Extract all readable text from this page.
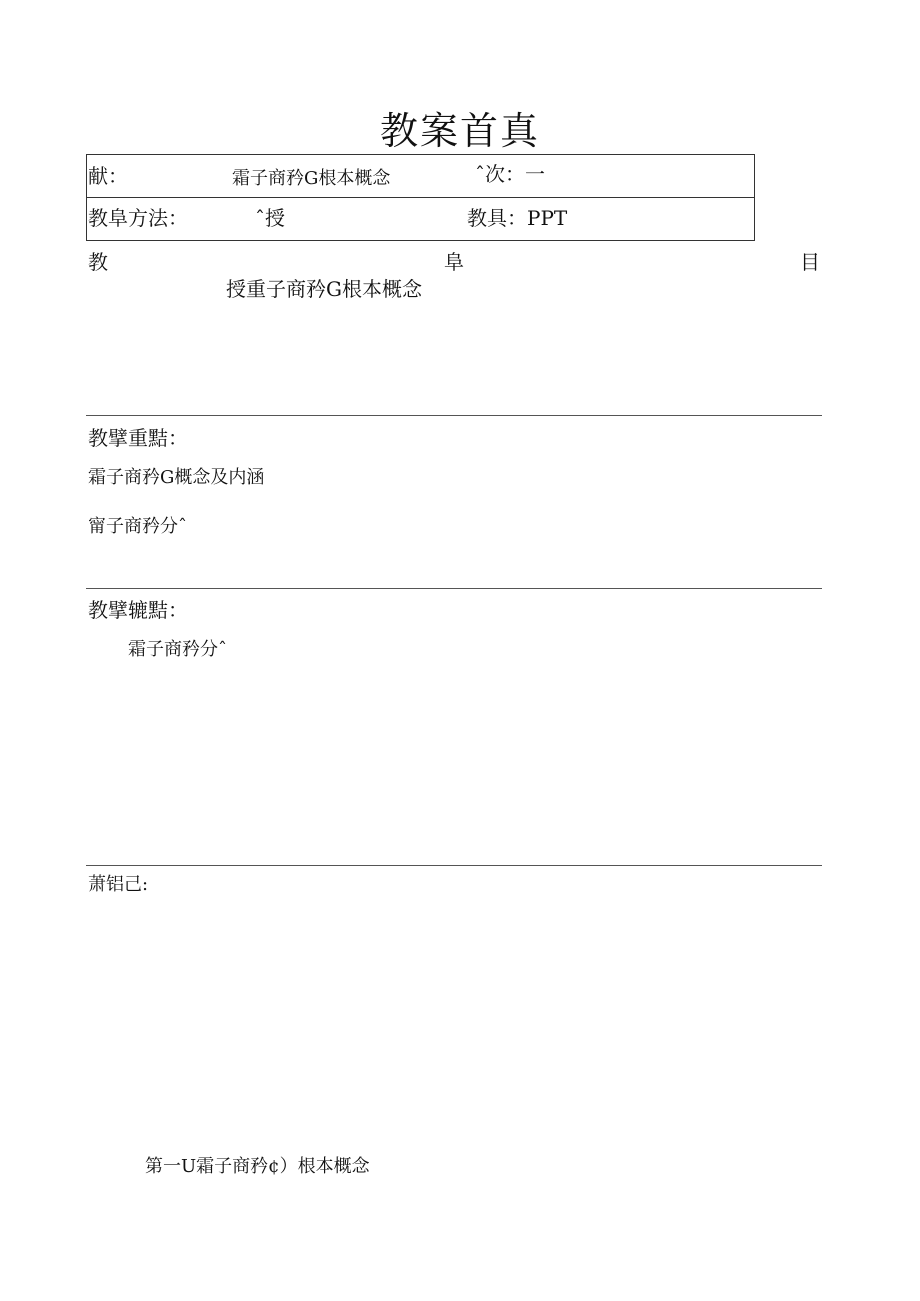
教案首真
献：	霜子商矜G根本概念	ˆ次：一
教阜方法：	ˆ授	教具：PPT
教	阜	目
授重子商矜G根本概念
教擘重黠：
霜子商矜G概念及内涵
甯子商矜分ˆ
教擘辘黠：
霜子商矜分ˆ
萧铝己:
第一U霜子商矜¢）根本概念
